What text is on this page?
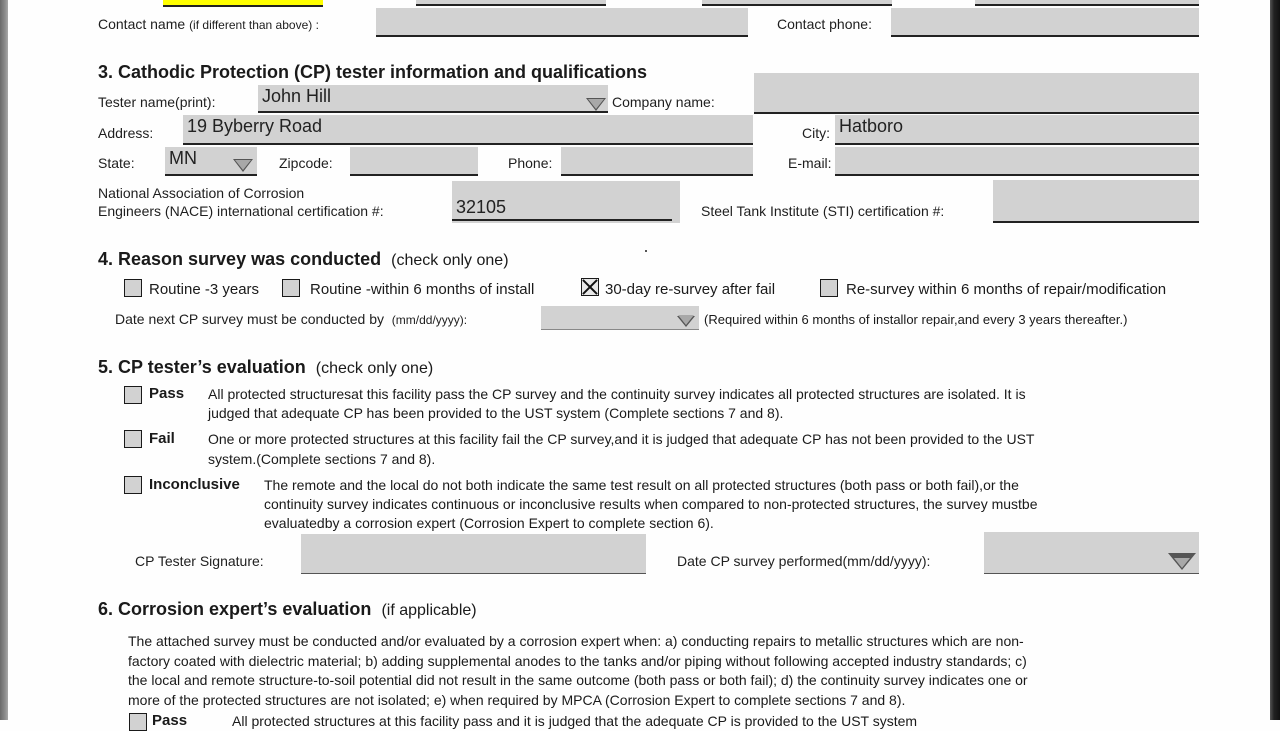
Contact name (if different than above) :	Contact phone:
3. Cathodic Protection (CP) tester information and qualifications
Tester name(print):	John Hill	Company name:
Address: 19 Byberry Road	City: Hatboro
State: MN	Zipcode:	Phone:	E-mail:
National Association of Corrosion
Engineers (NACE) international certification #:	32105	Steel Tank Institute (STI) certification #:
4. Reason survey was conducted (check only one)
Routine -3 years	Routine -within 6 months of install	30-day re-survey after fail	Re-survey within 6 months of repair/modification
Date next CP survey must be conducted by (mm/dd/yyyy):	(Required within 6 months of installor repair,and every 3 years thereafter.)
5. CP tester’s evaluation (check only one)
Pass All protected structuresat this facility pass the CP survey and the continuity survey indicates all protected structures are isolated. It is
judged that adequate CP has been provided to the UST system (Complete sections 7 and 8).
Fail One or more protected structures at this facility fail the CP survey,and it is judged that adequate CP has not been provided to the UST
system.(Complete sections 7 and 8).
Inconclusive The remote and the local do not both indicate the same test result on all protected structures (both pass or both fail),or the
continuity survey indicates continuous or inconclusive results when compared to non-protected structures, the survey mustbe
evaluatedby a corrosion expert (Corrosion Expert to complete section 6).
CP Tester Signature:	Date CP survey performed(mm/dd/yyyy):
6. Corrosion expert’s evaluation (if applicable)
The attached survey must be conducted and/or evaluated by a corrosion expert when: a) conducting repairs to metallic structures which are non-
factory coated with dielectric material; b) adding supplemental anodes to the tanks and/or piping without following accepted industry standards; c)
the local and remote structure-to-soil potential did not result in the same outcome (both pass or both fail); d) the continuity survey indicates one or
more of the protected structures are not isolated; e) when required by MPCA (Corrosion Expert to complete sections 7 and 8).
Pass	All protected structures at this facility pass and it is judged that the adequate CP is provided to the UST system
